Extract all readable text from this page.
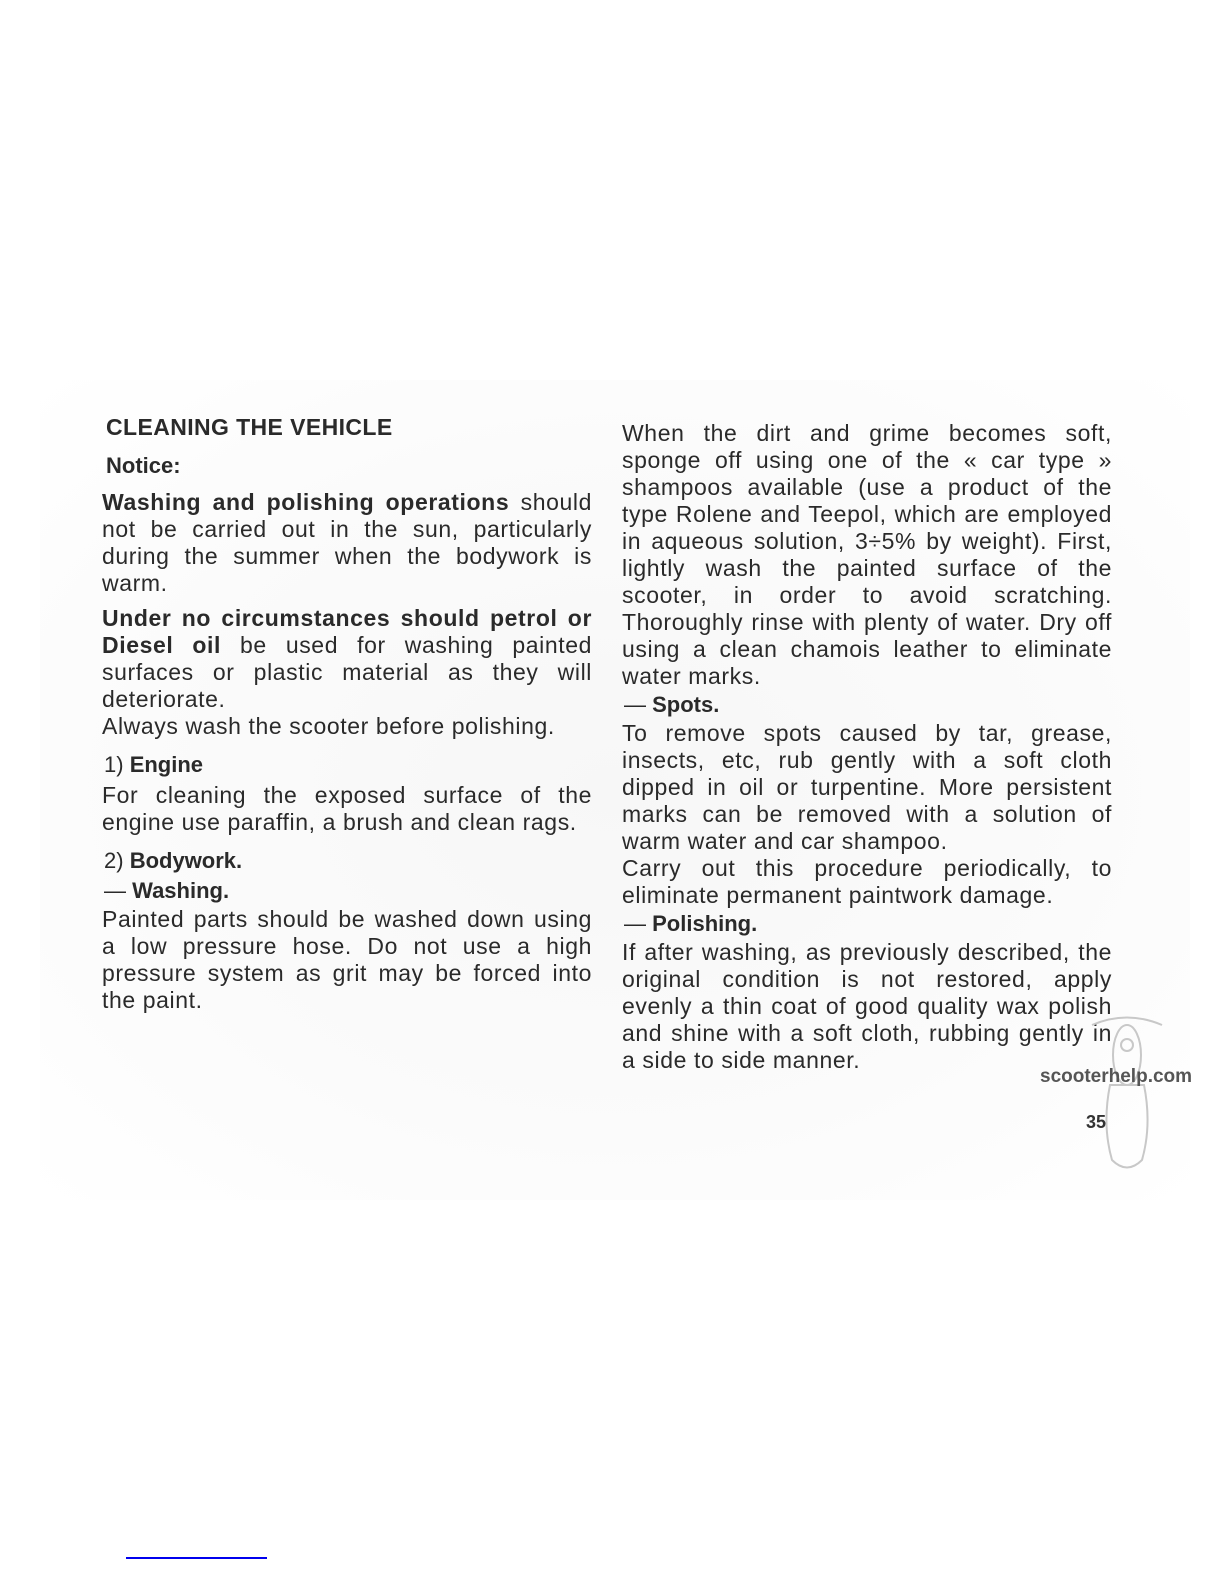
CLEANING THE VEHICLE
Notice:

Washing and polishing operations should not be carried out in the sun, particularly during the summer when the bodywork is warm.

Under no circumstances should petrol or Diesel oil be used for washing painted surfaces or plastic material as they will deteriorate.

Always wash the scooter before polishing.

1) Engine

For cleaning the exposed surface of the engine use paraffin, a brush and clean rags.

2) Bodywork.
— Washing.

Painted parts should be washed down using a low pressure hose. Do not use a high pressure system as grit may be forced into the paint.

When the dirt and grime becomes soft, sponge off using one of the « car type » shampoos available (use a product of the type Rolene and Teepol, which are employed in aqueous solution, 3÷5% by weight). First, lightly wash the painted surface of the scooter, in order to avoid scratching. Thoroughly rinse with plenty of water. Dry off using a clean chamois leather to eliminate water marks.

— Spots.

To remove spots caused by tar, grease, insects, etc, rub gently with a soft cloth dipped in oil or turpentine. More persistent marks can be removed with a solution of warm water and car shampoo.

Carry out this procedure periodically, to eliminate permanent paintwork damage.

— Polishing.

If after washing, as previously described, the original condition is not restored, apply evenly a thin coat of good quality wax polish and shine with a soft cloth, rubbing gently in a side to side manner.

scooterhelp.com
35
